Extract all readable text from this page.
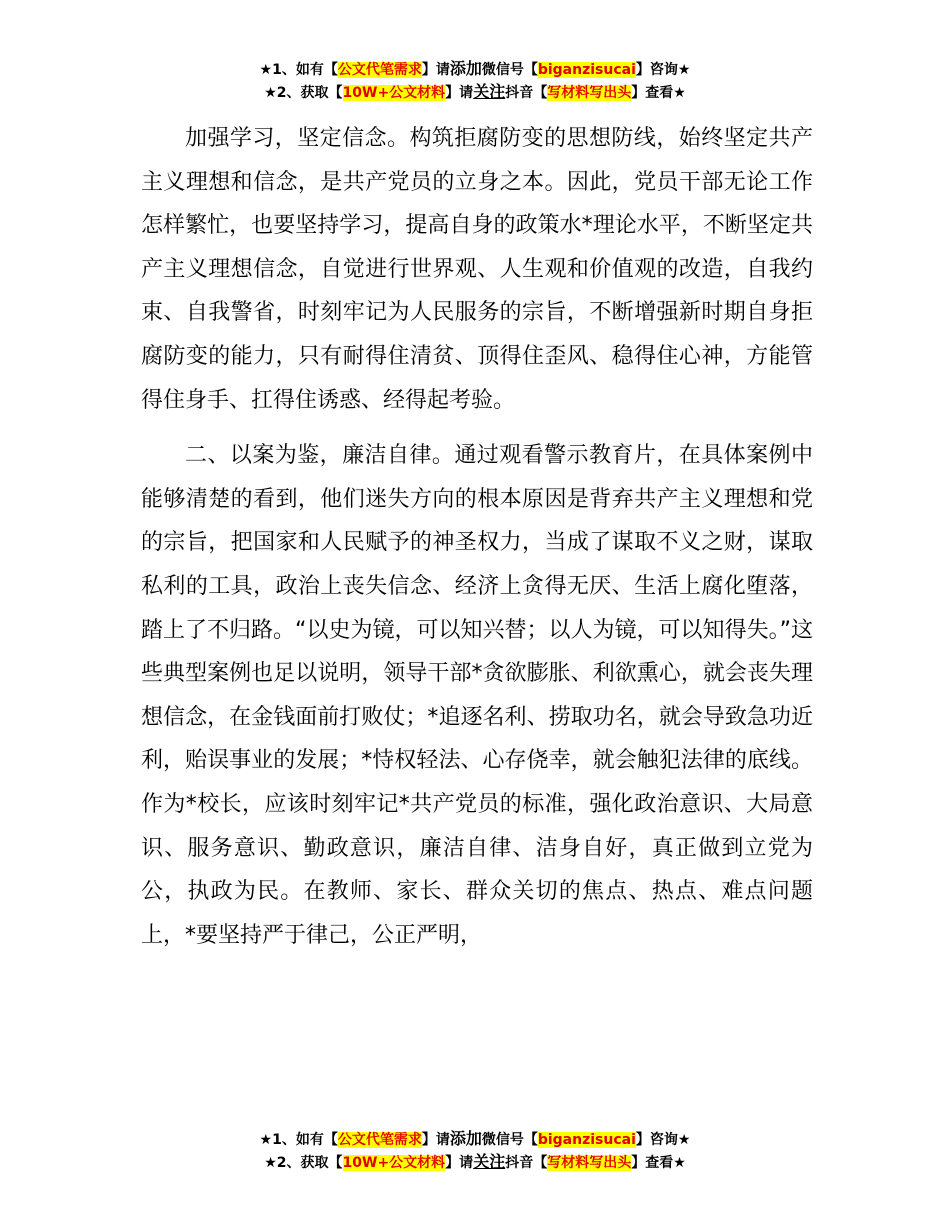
★1、如有【公文代笔需求】请添加微信号【biganzisucai】咨询★
★2、获取【10W+公文材料】请关注抖音【写材料写出头】查看★

加强学习，坚定信念。构筑拒腐防变的思想防线，始终坚定共产主义理想和信念，是共产党员的立身之本。因此，党员干部无论工作怎样繁忙，也要坚持学习，提高自身的政策水*理论水平，不断坚定共产主义理想信念，自觉进行世界观、人生观和价值观的改造，自我约束、自我警省，时刻牢记为人民服务的宗旨，不断增强新时期自身拒腐防变的能力，只有耐得住清贫、顶得住歪风、稳得住心神，方能管得住身手、扛得住诱惑、经得起考验。

二、以案为鉴，廉洁自律。通过观看警示教育片，在具体案例中能够清楚的看到，他们迷失方向的根本原因是背弃共产主义理想和党的宗旨，把国家和人民赋予的神圣权力，当成了谋取不义之财，谋取私利的工具，政治上丧失信念、经济上贪得无厌、生活上腐化堕落，踏上了不归路。“以史为镜，可以知兴替；以人为镜，可以知得失。”这些典型案例也足以说明，领导干部*贪欲膨胀、利欲熏心，就会丧失理想信念，在金钱面前打败仗；*追逐名利、捞取功名，就会导致急功近利，贻误事业的发展；*恃权轻法、心存侥幸，就会触犯法律的底线。作为*校长，应该时刻牢记*共产党员的标准，强化政治意识、大局意识、服务意识、勤政意识，廉洁自律、洁身自好，真正做到立党为公，执政为民。在教师、家长、群众关切的焦点、热点、难点问题上，*要坚持严于律己，公正严明，

★1、如有【公文代笔需求】请添加微信号【biganzisucai】咨询★
★2、获取【10W+公文材料】请关注抖音【写材料写出头】查看★
